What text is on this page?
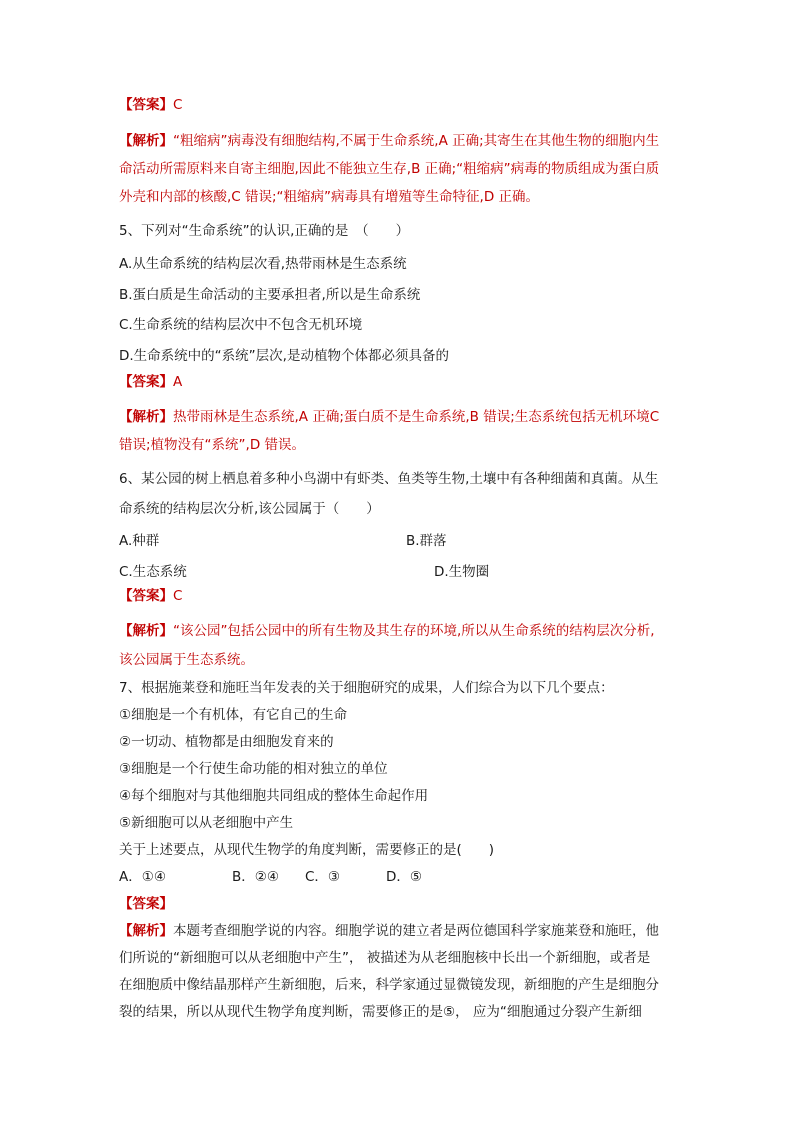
【答案】C
【解析】“粗缩病”病毒没有细胞结构,不属于生命系统,A 正确;其寄生在其他生物的细胞内生
命活动所需原料来自寄主细胞,因此不能独立生存,B 正确;“粗缩病”病毒的物质组成为蛋白质
外壳和内部的核酸,C 错误;“粗缩病”病毒具有增殖等生命特征,D 正确。
5、下列对“生命系统”的认识,正确的是　（　　）
A.从生命系统的结构层次看,热带雨林是生态系统
B.蛋白质是生命活动的主要承担者,所以是生命系统
C.生命系统的结构层次中不包含无机环境
D.生命系统中的“系统”层次,是动植物个体都必须具备的
【答案】A
【解析】热带雨林是生态系统,A 正确;蛋白质不是生命系统,B 错误;生态系统包括无机环境C
错误;植物没有“系统”,D 错误。
6、某公园的树上栖息着多种小鸟湖中有虾类、鱼类等生物,土壤中有各种细菌和真菌。从生
命系统的结构层次分析,该公园属于（　　）
A.种群	B.群落
C.生态系统	D.生物圈
【答案】C
【解析】“该公园”包括公园中的所有生物及其生存的环境,所以从生命系统的结构层次分析,
该公园属于生态系统。
7、根据施莱登和施旺当年发表的关于细胞研究的成果，人们综合为以下几个要点：
①细胞是一个有机体，有它自己的生命
②一切动、植物都是由细胞发育来的
③细胞是一个行使生命功能的相对独立的单位
④每个细胞对与其他细胞共同组成的整体生命起作用
⑤新细胞可以从老细胞中产生
关于上述要点，从现代生物学的角度判断，需要修正的是(　　)
A．①④	B．②④ C．③	D．⑤
【答案】
【解析】本题考查细胞学说的内容。细胞学说的建立者是两位德国科学家施莱登和施旺，他
们所说的“新细胞可以从老细胞中产生”， 被描述为从老细胞核中长出一个新细胞，或者是
在细胞质中像结晶那样产生新细胞，后来，科学家通过显微镜发现，新细胞的产生是细胞分
裂的结果，所以从现代生物学角度判断，需要修正的是⑤， 应为“细胞通过分裂产生新细
